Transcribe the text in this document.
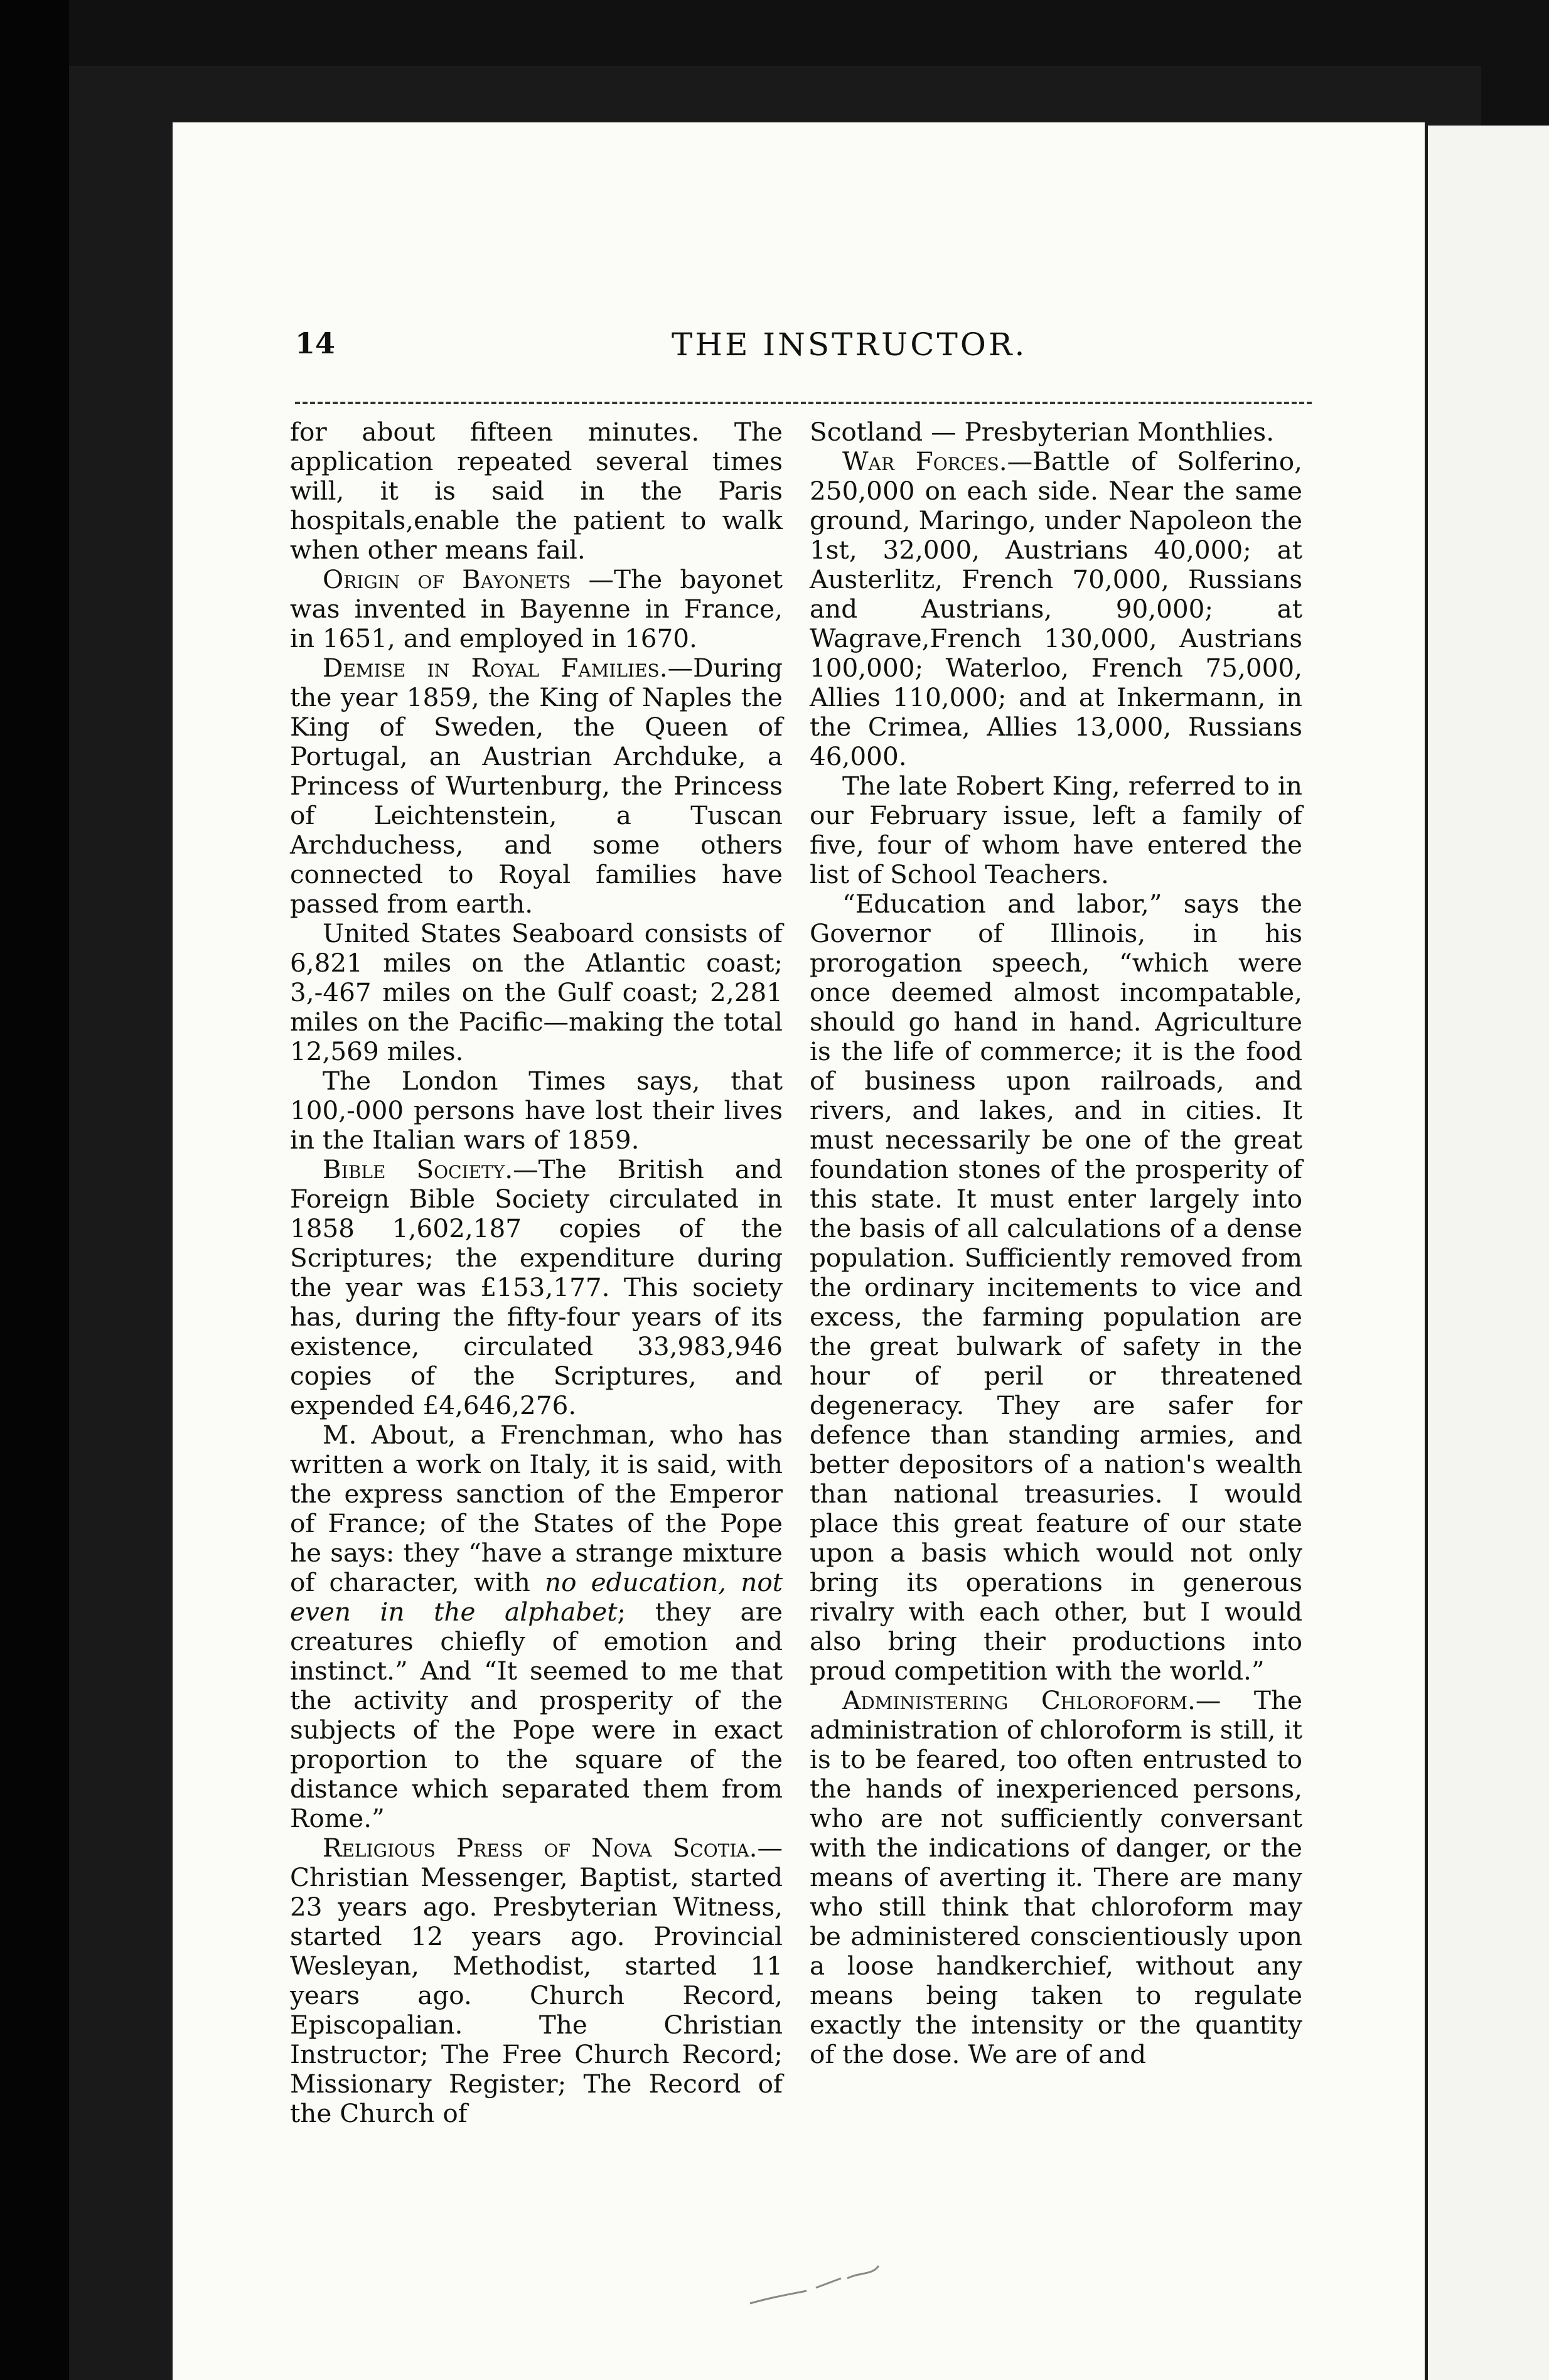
14	THE INSTRUCTOR.

for about fifteen minutes. The application repeated several times will, it is said in the Paris hospitals,enable the patient to walk when other means fail.

Origin of Bayonets —The bayonet was invented in Bayenne in France, in 1651, and employed in 1670.

Demise in Royal Families.—During the year 1859, the King of Naples the King of Sweden, the Queen of Portugal, an Austrian Archduke, a Princess of Wurtenburg, the Princess of Leichtenstein, a Tuscan Archduchess, and some others connected to Royal families have passed from earth.

United States Seaboard consists of 6,821 miles on the Atlantic coast; 3,-467 miles on the Gulf coast; 2,281 miles on the Pacific—making the total 12,569 miles.

The London Times says, that 100,-000 persons have lost their lives in the Italian wars of 1859.

Bible Society.—The British and Foreign Bible Society circulated in 1858 1,602,187 copies of the Scriptures; the expenditure during the year was £153,177. This society has, during the fifty-four years of its existence, circulated 33,983,946 copies of the Scriptures, and expended £4,646,276.

M. About, a Frenchman, who has written a work on Italy, it is said, with the express sanction of the Emperor of France; of the States of the Pope he says: they “have a strange mixture of character, with no education, not even in the alphabet; they are creatures chiefly of emotion and instinct.” And “It seemed to me that the activity and prosperity of the subjects of the Pope were in exact proportion to the square of the distance which separated them from Rome.”

Religious Press of Nova Scotia.—Christian Messenger, Baptist, started 23 years ago. Presbyterian Witness, started 12 years ago. Provincial Wesleyan, Methodist, started 11 years ago. Church Record, Episcopalian. The Christian Instructor; The Free Church Record; Missionary Register; The Record of the Church of

Scotland — Presbyterian Monthlies.

War Forces.—Battle of Solferino, 250,000 on each side. Near the same ground, Maringo, under Napoleon the 1st, 32,000, Austrians 40,000; at Austerlitz, French 70,000, Russians and Austrians, 90,000; at Wagrave,French 130,000, Austrians 100,000; Waterloo, French 75,000, Allies 110,000; and at Inkermann, in the Crimea, Allies 13,000, Russians 46,000.

The late Robert King, referred to in our February issue, left a family of five, four of whom have entered the list of School Teachers.

“Education and labor,” says the Governor of Illinois, in his prorogation speech, “which were once deemed almost incompatable, should go hand in hand. Agriculture is the life of commerce; it is the food of business upon railroads, and rivers, and lakes, and in cities. It must necessarily be one of the great foundation stones of the prosperity of this state. It must enter largely into the basis of all calculations of a dense population. Sufficiently removed from the ordinary incitements to vice and excess, the farming population are the great bulwark of safety in the hour of peril or threatened degeneracy. They are safer for defence than standing armies, and better depositors of a nation's wealth than national treasuries. I would place this great feature of our state upon a basis which would not only bring its operations in generous rivalry with each other, but I would also bring their productions into proud competition with the world.”

Administering Chloroform.— The administration of chloroform is still, it is to be feared, too often entrusted to the hands of inexperienced persons, who are not sufficiently conversant with the indications of danger, or the means of averting it. There are many who still think that chloroform may be administered conscientiously upon a loose handkerchief, without any means being taken to regulate exactly the intensity or the quantity of the dose. We are of and
